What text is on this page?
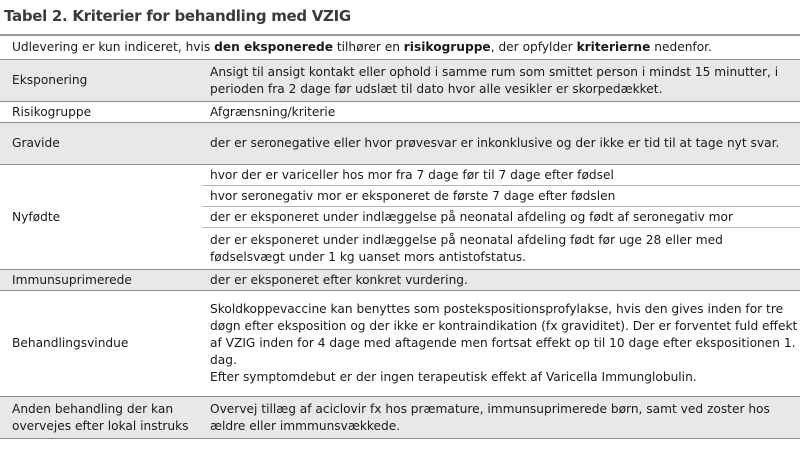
Tabel 2. Kriterier for behandling med VZIG
Udlevering er kun indiceret, hvis den eksponerede tilhører en risikogruppe, der opfylder kriterierne nedenfor.	
Eksponering	Ansigt til ansigt kontakt eller ophold i samme rum som smittet person i mindst 15 minutter, i perioden fra 2 dage før udslæt til dato hvor alle vesikler er skorpedækket.
Risikogruppe	Afgrænsning/kriterie
Gravide	der er seronegative eller hvor prøvesvar er inkonklusive og der ikke er tid til at tage nyt svar.
Nyfødte	hvor der er variceller hos mor fra 7 dage før til 7 dage efter fødsel
	hvor seronegativ mor er eksponeret de første 7 dage efter fødslen
	der er eksponeret under indlæggelse på neonatal afdeling og født af seronegativ mor
	der er eksponeret under indlæggelse på neonatal afdeling født før uge 28 eller med fødselsvægt under 1 kg uanset mors antistofstatus.
Immunsuprimerede	der er eksponeret efter konkret vurdering.
Behandlingsvindue	Skoldkoppevaccine kan benyttes som postekspositionsprofylakse, hvis den gives inden for tre døgn efter eksposition og der ikke er kontraindikation (fx graviditet). Der er forventet fuld effekt af VZIG inden for 4 dage med aftagende men fortsat effekt op til 10 dage efter ekspositionen 1. dag.
Efter symptomdebut er der ingen terapeutisk effekt af Varicella Immunglobulin.

Anden behandling der kan overvejes efter lokal instruks	Overvej tillæg af aciclovir fx hos præmature, immunsuprimerede børn, samt ved zoster hos ældre eller immmunsvækkede.
